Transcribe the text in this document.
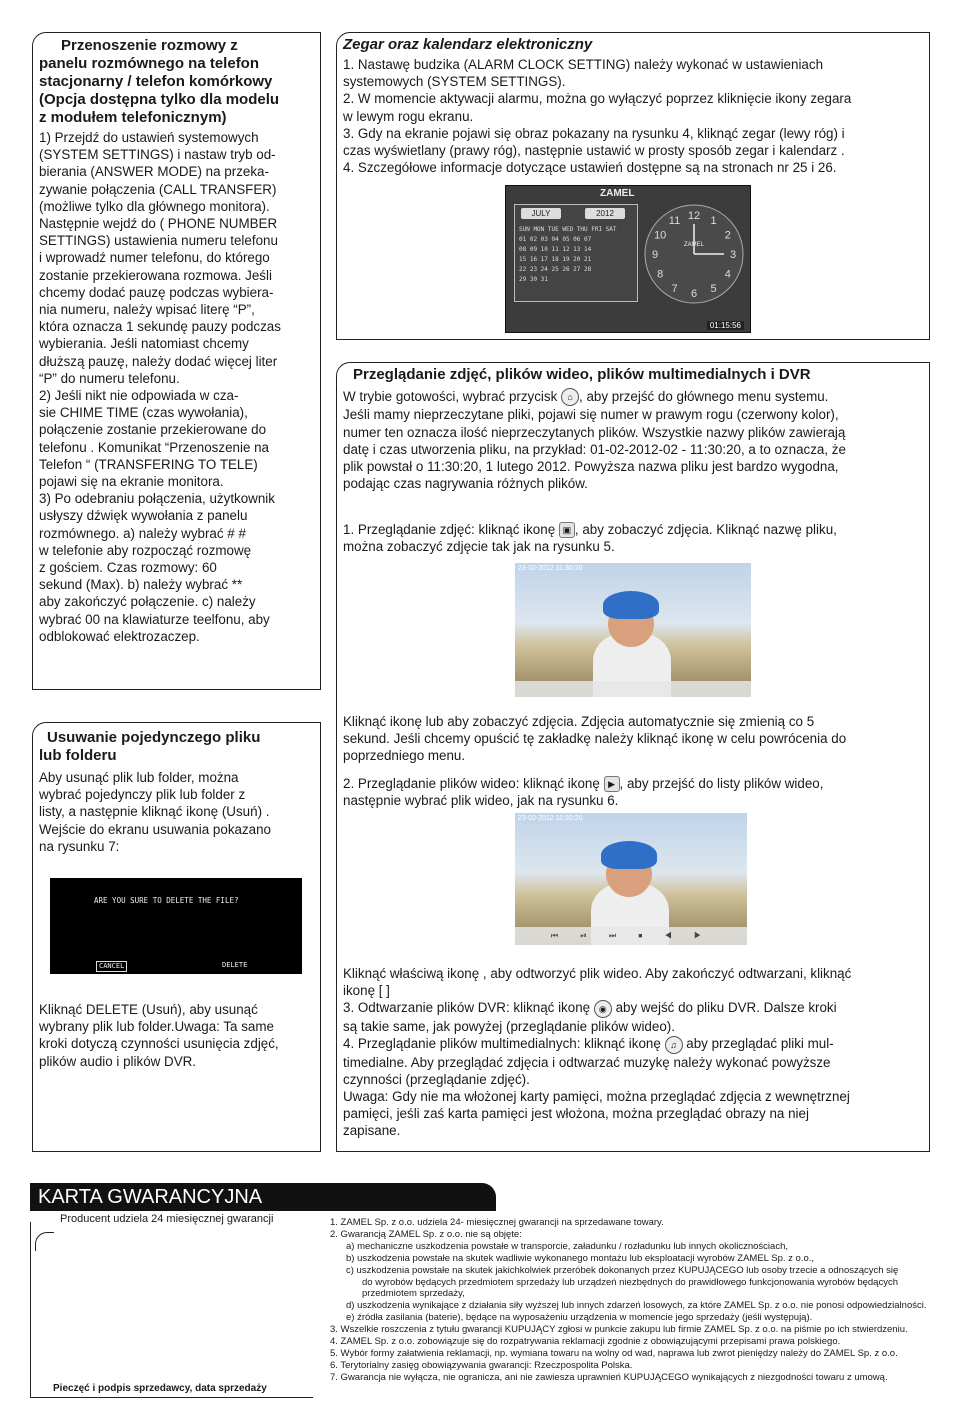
Przenoszenie rozmowy z
panelu rozmównego na telefon
stacjonarny / telefon komórkowy
(Opcja dostępna tylko dla modelu
z modułem telefonicznym)

1) Przejdź do ustawień systemowych

(SYSTEM SETTINGS) i nastaw tryb od-

bierania (ANSWER MODE) na przeka-

zywanie połączenia (CALL TRANSFER)

(możliwe tylko dla głównego monitora).

Następnie wejdź do ( PHONE NUMBER

SETTINGS) ustawienia numeru telefonu

i wprowadź numer telefonu, do którego

zostanie przekierowana rozmowa. Jeśli

chcemy dodać pauzę podczas wybiera-

nia numeru, należy wpisać literę “P”,

która oznacza 1 sekundę pauzy podczas

wybierania. Jeśli natomiast chcemy

dłuższą pauzę, należy dodać więcej liter

“P” do numeru telefonu.

2) Jeśli nikt nie odpowiada w cza-

sie CHIME TIME (czas wywołania),

połączenie zostanie przekierowane do

telefonu . Komunikat “Przenoszenie na

Telefon “ (TRANSFERING TO TELE)

pojawi się na ekranie monitora.

3) Po odebraniu połączenia, użytkownik

usłyszy dźwięk wywołania z panelu

rozmównego. a) należy wybrać # #

w telefonie aby rozpocząć rozmowę

z gościem. Czas rozmowy: 60

sekund (Max). b) należy wybrać **

aby zakończyć połączenie. c) należy

wybrać 00 na klawiaturze teelfonu, aby

odblokować elektrozaczep.

Usuwanie pojedynczego pliku
lub folderu

Aby usunąć plik lub folder, można

wybrać pojedynczy plik lub folder z

listy, a następnie kliknąć ikonę (Usuń) .

Wejście do ekranu usuwania pokazano

na rysunku 7:

ARE YOU SURE TO DELETE THE FILE?
CANCEL	DELETE

Kliknąć DELETE (Usuń), aby usunąć

wybrany plik lub folder.Uwaga: Ta same

kroki dotyczą czynności usunięcia zdjęć,

plików audio i plików DVR.

Zegar oraz kalendarz elektroniczny

1. Nastawę budzika (ALARM CLOCK SETTING) należy wykonać w ustawieniach

systemowych (SYSTEM SETTINGS).

2. W momencie aktywacji alarmu, można go wyłączyć poprzez kliknięcie ikony zegara

w lewym rogu ekranu.

3. Gdy na ekranie pojawi się obraz pokazany na rysunku 4, kliknąć zegar (lewy róg) i

czas wyświetlany (prawy róg), następnie ustawić w prosty sposób zegar i kalendarz .

4. Szczegółowe informacje dotyczące ustawień dostępne są na stronach nr 25 i 26.

ZAMEL
JULY	2012
SUN MON TUE WED THU FRI SAT
01 02 03 04 05 06 07
08 09 10 11 12 13 14
15 16 17 18 19 20 21
22 23 24 25 26 27 28
29 30 31
ZAMEL
12 1
2
3
4
5
6
7
8
9
10
11
01:15:56
Przeglądanie zdjęć, plików wideo, plików multimedialnych i DVR

W trybie gotowości, wybrać przycisk ⌂ , aby przejść do głównego menu systemu.

Jeśli mamy nieprzeczytane pliki, pojawi się numer w prawym rogu (czerwony kolor),

numer ten oznacza ilość nieprzeczytanych plików. Wszystkie nazwy plików zawierają

datę i czas utworzenia pliku, na przykład: 01-02-2012-02 - 11:30:20, a to oznacza, że

plik powstał o 11:30:20, 1 lutego 2012. Powyższa nazwa pliku jest bardzo wygodna,

podając czas nagrywania różnych plików.

1. Przeglądanie zdjęć: kliknąć ikonę ▣ , aby zobaczyć zdjęcia. Kliknąć nazwę pliku,

można zobaczyć zdjęcie tak jak na rysunku 5.

23-02-2012 11:30:20

Kliknąć ikonę lub aby zobaczyć zdjęcia. Zdjęcia automatycznie się zmienią co 5

sekund. Jeśli chcemy opuścić tę zakładkę należy kliknąć ikonę w celu powrócenia do

poprzedniego menu.

2. Przeglądanie plików wideo: kliknąć ikonę ▶ , aby przejść do listy plików wideo,

następnie wybrać plik wideo, jak na rysunku 6.

23-02-2012 11:30:20
⏮ ⏯ ⏭ ⏹ ◀ ▶

Kliknąć właściwą ikonę , aby odtworzyć plik wideo. Aby zakończyć odtwarzani, kliknąć

ikonę [ ]

3. Odtwarzanie plików DVR: kliknąć ikonę ◉ aby wejść do pliku DVR. Dalsze kroki

są takie same, jak powyżej (przeglądanie plików wideo).

4. Przeglądanie plików multimedialnych: kliknąć ikonę ♫ aby przeglądać pliki mul-

timedialne. Aby przeglądać zdjęcia i odtwarzać muzykę należy wykonać powyższe

czynności (przeglądanie zdjęć).

Uwaga: Gdy nie ma włożonej karty pamięci, można przeglądać zdjęcia z wewnętrznej

pamięci, jeśli zaś karta pamięci jest włożona, można przeglądać obrazy na niej

zapisane.

KARTA GWARANCYJNA
Producent udziela 24 miesięcznej gwarancji
Pieczęć i podpis sprzedawcy, data sprzedaży
1. ZAMEL Sp. z o.o. udziela 24- miesięcznej gwarancji na sprzedawane towary.
2. Gwarancją ZAMEL Sp. z o.o. nie są objęte:
a) mechaniczne uszkodzenia powstałe w transporcie, załadunku / rozładunku lub innych okolicznościach,
b) uszkodzenia powstałe na skutek wadliwie wykonanego montażu lub eksploatacji wyrobów ZAMEL Sp. z o.o.,
c) uszkodzenia powstałe na skutek jakichkolwiek przeróbek dokonanych przez KUPUJĄCEGO lub osoby trzecie a odnoszących się
do wyrobów będących przedmiotem sprzedaży lub urządzeń niezbędnych do prawidłowego funkcjonowania wyrobów będących
przedmiotem sprzedaży,
d) uszkodzenia wynikające z działania siły wyższej lub innych zdarzeń losowych, za które ZAMEL Sp. z o.o. nie ponosi odpowiedzialności.
e) źródła zasilania (baterie), będące na wyposażeniu urządzenia w momencie jego sprzedaży (jeśli występują).
3. Wszelkie roszczenia z tytułu gwarancji KUPUJĄCY zgłosi w punkcie zakupu lub firmie ZAMEL Sp. z o.o. na piśmie po ich stwierdzeniu.
4. ZAMEL Sp. z o.o. zobowiązuje się do rozpatrywania reklamacji zgodnie z obowiązującymi przepisami prawa polskiego.
5. Wybór formy załatwienia reklamacji, np. wymiana towaru na wolny od wad, naprawa lub zwrot pieniędzy należy do ZAMEL Sp. z o.o.
6. Terytorialny zasięg obowiązywania gwarancji: Rzeczpospolita Polska.
7. Gwarancja nie wyłącza, nie ogranicza, ani nie zawiesza uprawnień KUPUJĄCEGO wynikających z niezgodności towaru z umową.
